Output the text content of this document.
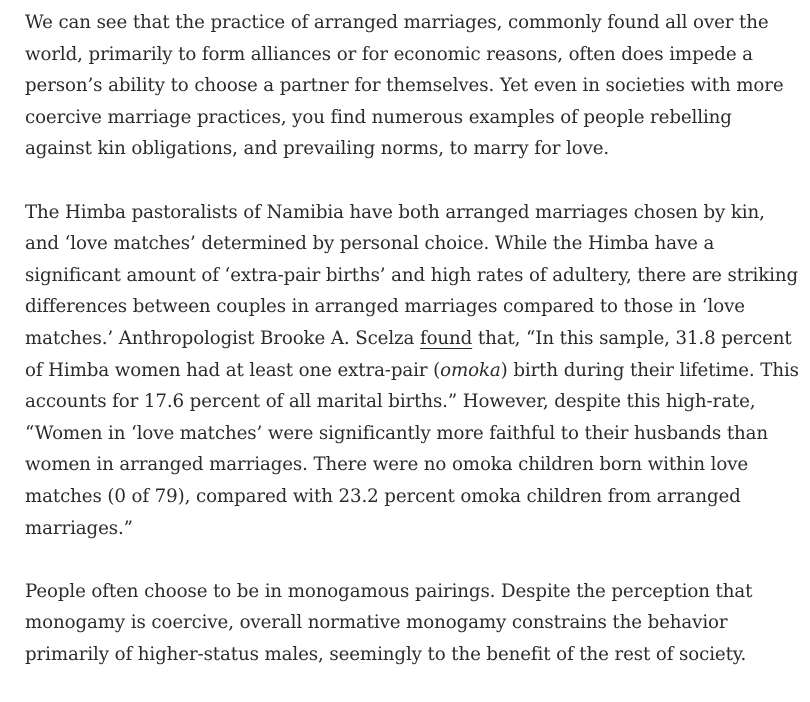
We can see that the practice of arranged marriages, commonly found all over the
world, primarily to form alliances or for economic reasons, often does impede a
person’s ability to choose a partner for themselves. Yet even in societies with more
coercive marriage practices, you find numerous examples of people rebelling
against kin obligations, and prevailing norms, to marry for love.

The Himba pastoralists of Namibia have both arranged marriages chosen by kin,
and ‘love matches’ determined by personal choice. While the Himba have a
significant amount of ‘extra-pair births’ and high rates of adultery, there are striking
differences between couples in arranged marriages compared to those in ‘love
matches.’ Anthropologist Brooke A. Scelza found that, “In this sample, 31.8 percent
of Himba women had at least one extra-pair (omoka) birth during their lifetime. This
accounts for 17.6 percent of all marital births.” However, despite this high-rate,
“Women in ‘love matches’ were significantly more faithful to their husbands than
women in arranged marriages. There were no omoka children born within love
matches (0 of 79), compared with 23.2 percent omoka children from arranged
marriages.”

People often choose to be in monogamous pairings. Despite the perception that
monogamy is coercive, overall normative monogamy constrains the behavior
primarily of higher-status males, seemingly to the benefit of the rest of society.
